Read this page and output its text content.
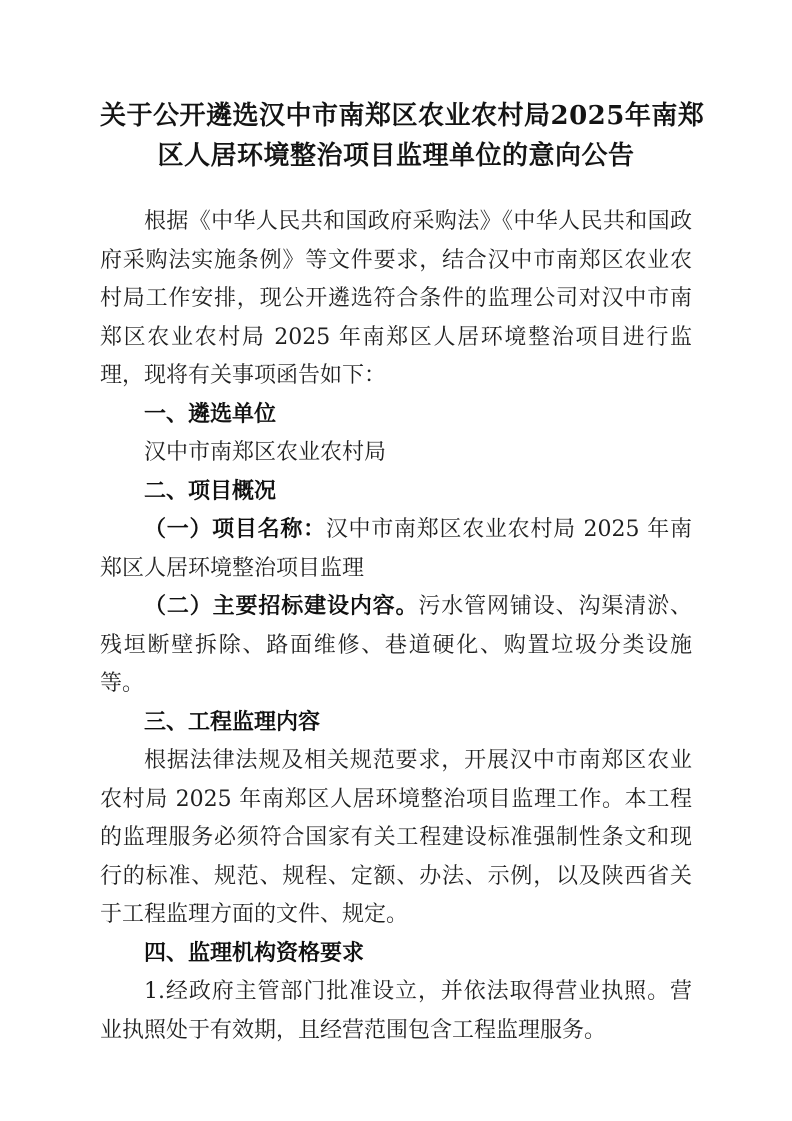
关于公开遴选汉中市南郑区农业农村局2025年南郑
区人居环境整治项目监理单位的意向公告

根据《中华人民共和国政府采购法》《中华人民共和国政府采购法实施条例》等文件要求，结合汉中市南郑区农业农村局工作安排，现公开遴选符合条件的监理公司对汉中市南郑区农业农村局 2025 年南郑区人居环境整治项目进行监理，现将有关事项函告如下：

一、遴选单位

汉中市南郑区农业农村局

二、项目概况

（一）项目名称：汉中市南郑区农业农村局 2025 年南郑区人居环境整治项目监理

（二）主要招标建设内容。污水管网铺设、沟渠清淤、残垣断壁拆除、路面维修、巷道硬化、购置垃圾分类设施等。

三、工程监理内容

根据法律法规及相关规范要求，开展汉中市南郑区农业农村局 2025 年南郑区人居环境整治项目监理工作。本工程的监理服务必须符合国家有关工程建设标准强制性条文和现行的标准、规范、规程、定额、办法、示例，以及陕西省关于工程监理方面的文件、规定。

四、监理机构资格要求

1.经政府主管部门批准设立，并依法取得营业执照。营业执照处于有效期，且经营范围包含工程监理服务。
